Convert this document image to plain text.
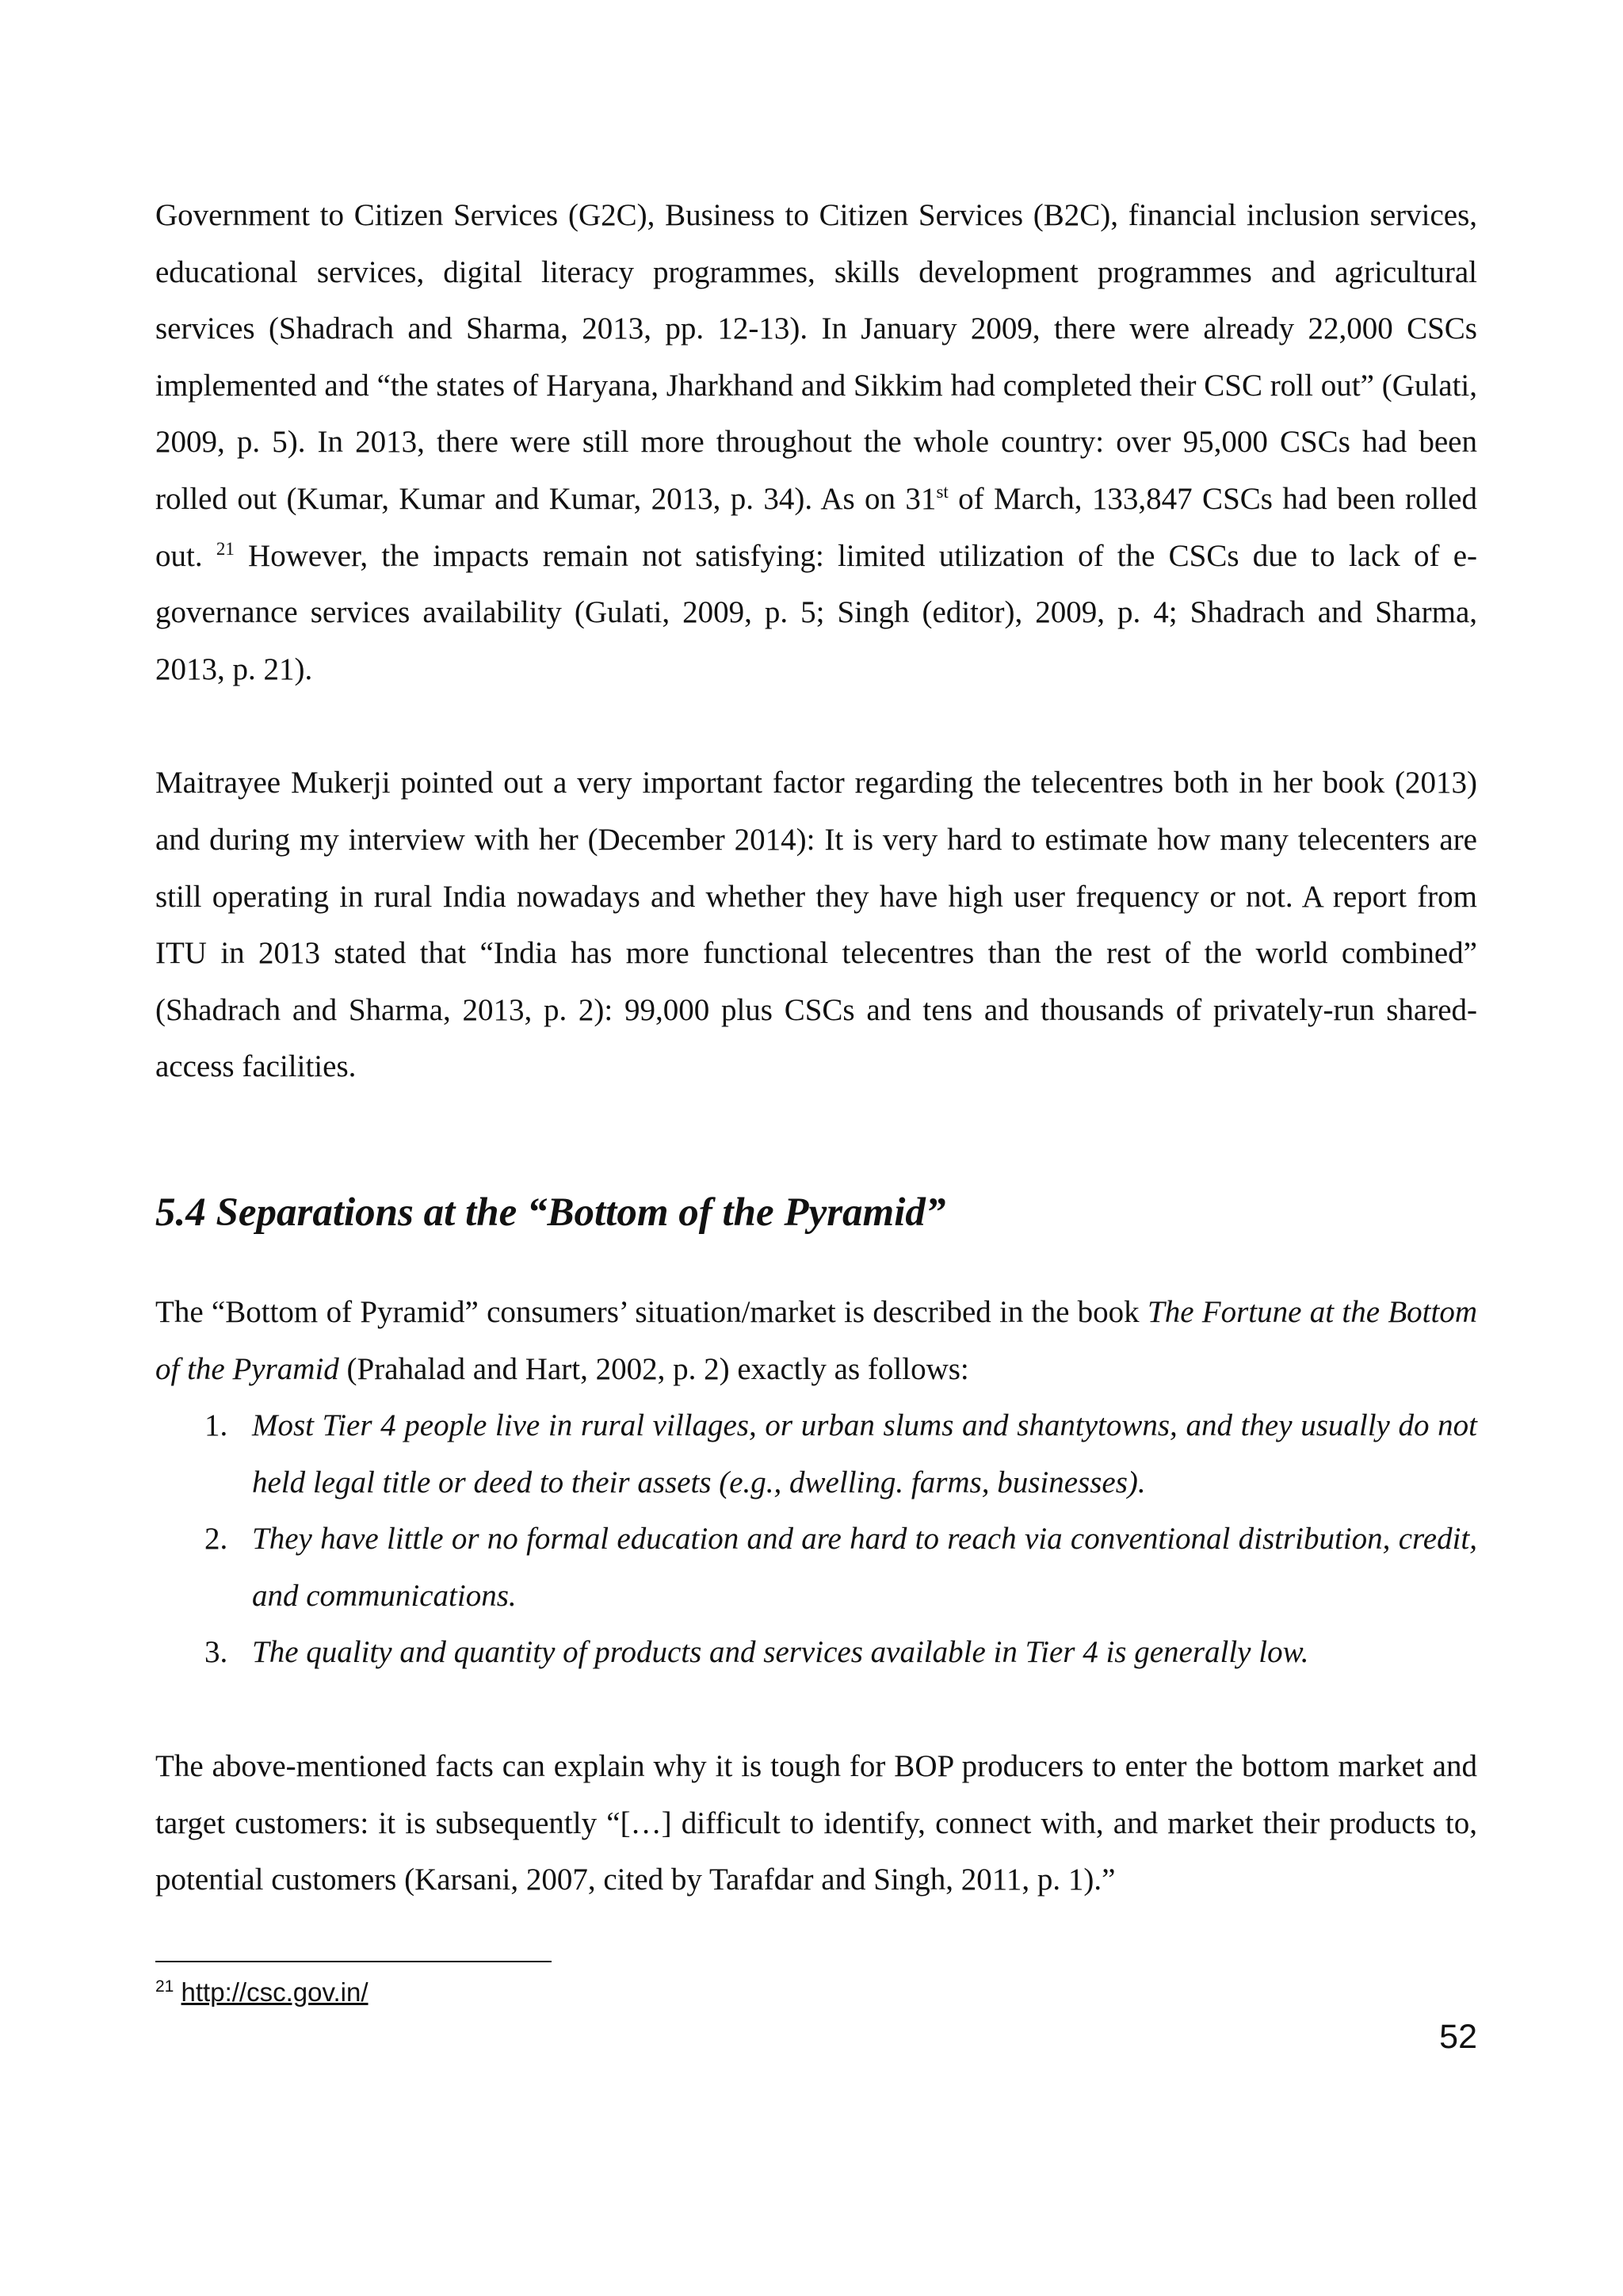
Government to Citizen Services (G2C), Business to Citizen Services (B2C), financial inclusion services, educational services, digital literacy programmes, skills development programmes and agricultural services (Shadrach and Sharma, 2013, pp. 12-13). In January 2009, there were already 22,000 CSCs implemented and “the states of Haryana, Jharkhand and Sikkim had completed their CSC roll out” (Gulati, 2009, p. 5). In 2013, there were still more throughout the whole country: over 95,000 CSCs had been rolled out (Kumar, Kumar and Kumar, 2013, p. 34). As on 31st of March, 133,847 CSCs had been rolled out. $^{21}$ However, the impacts remain not satisfying: limited utilization of the CSCs due to lack of e-governance services availability (Gulati, 2009, p. 5; Singh (editor), 2009, p. 4; Shadrach and Sharma, 2013, p. 21).

Maitrayee Mukerji pointed out a very important factor regarding the telecentres both in her book (2013) and during my interview with her (December 2014): It is very hard to estimate how many telecenters are still operating in rural India nowadays and whether they have high user frequency or not. A report from ITU in 2013 stated that “India has more functional telecentres than the rest of the world combined” (Shadrach and Sharma, 2013, p. 2): 99,000 plus CSCs and tens and thousands of privately-run shared-access facilities.

5.4 Separations at the “Bottom of the Pyramid”

The “Bottom of Pyramid” consumers’ situation/market is described in the book The Fortune at the Bottom of the Pyramid (Prahalad and Hart, 2002, p. 2) exactly as follows:

1. Most Tier 4 people live in rural villages, or urban slums and shantytowns, and they usually do not held legal title or deed to their assets (e.g., dwelling. farms, businesses).
2. They have little or no formal education and are hard to reach via conventional distribution, credit, and communications.
3. The quality and quantity of products and services available in Tier 4 is generally low.

The above-mentioned facts can explain why it is tough for BOP producers to enter the bottom market and target customers: it is subsequently “[…] difficult to identify, connect with, and market their products to, potential customers (Karsani, 2007, cited by Tarafdar and Singh, 2011, p. 1).”

$^{21}$ http://csc.gov.in/
52
